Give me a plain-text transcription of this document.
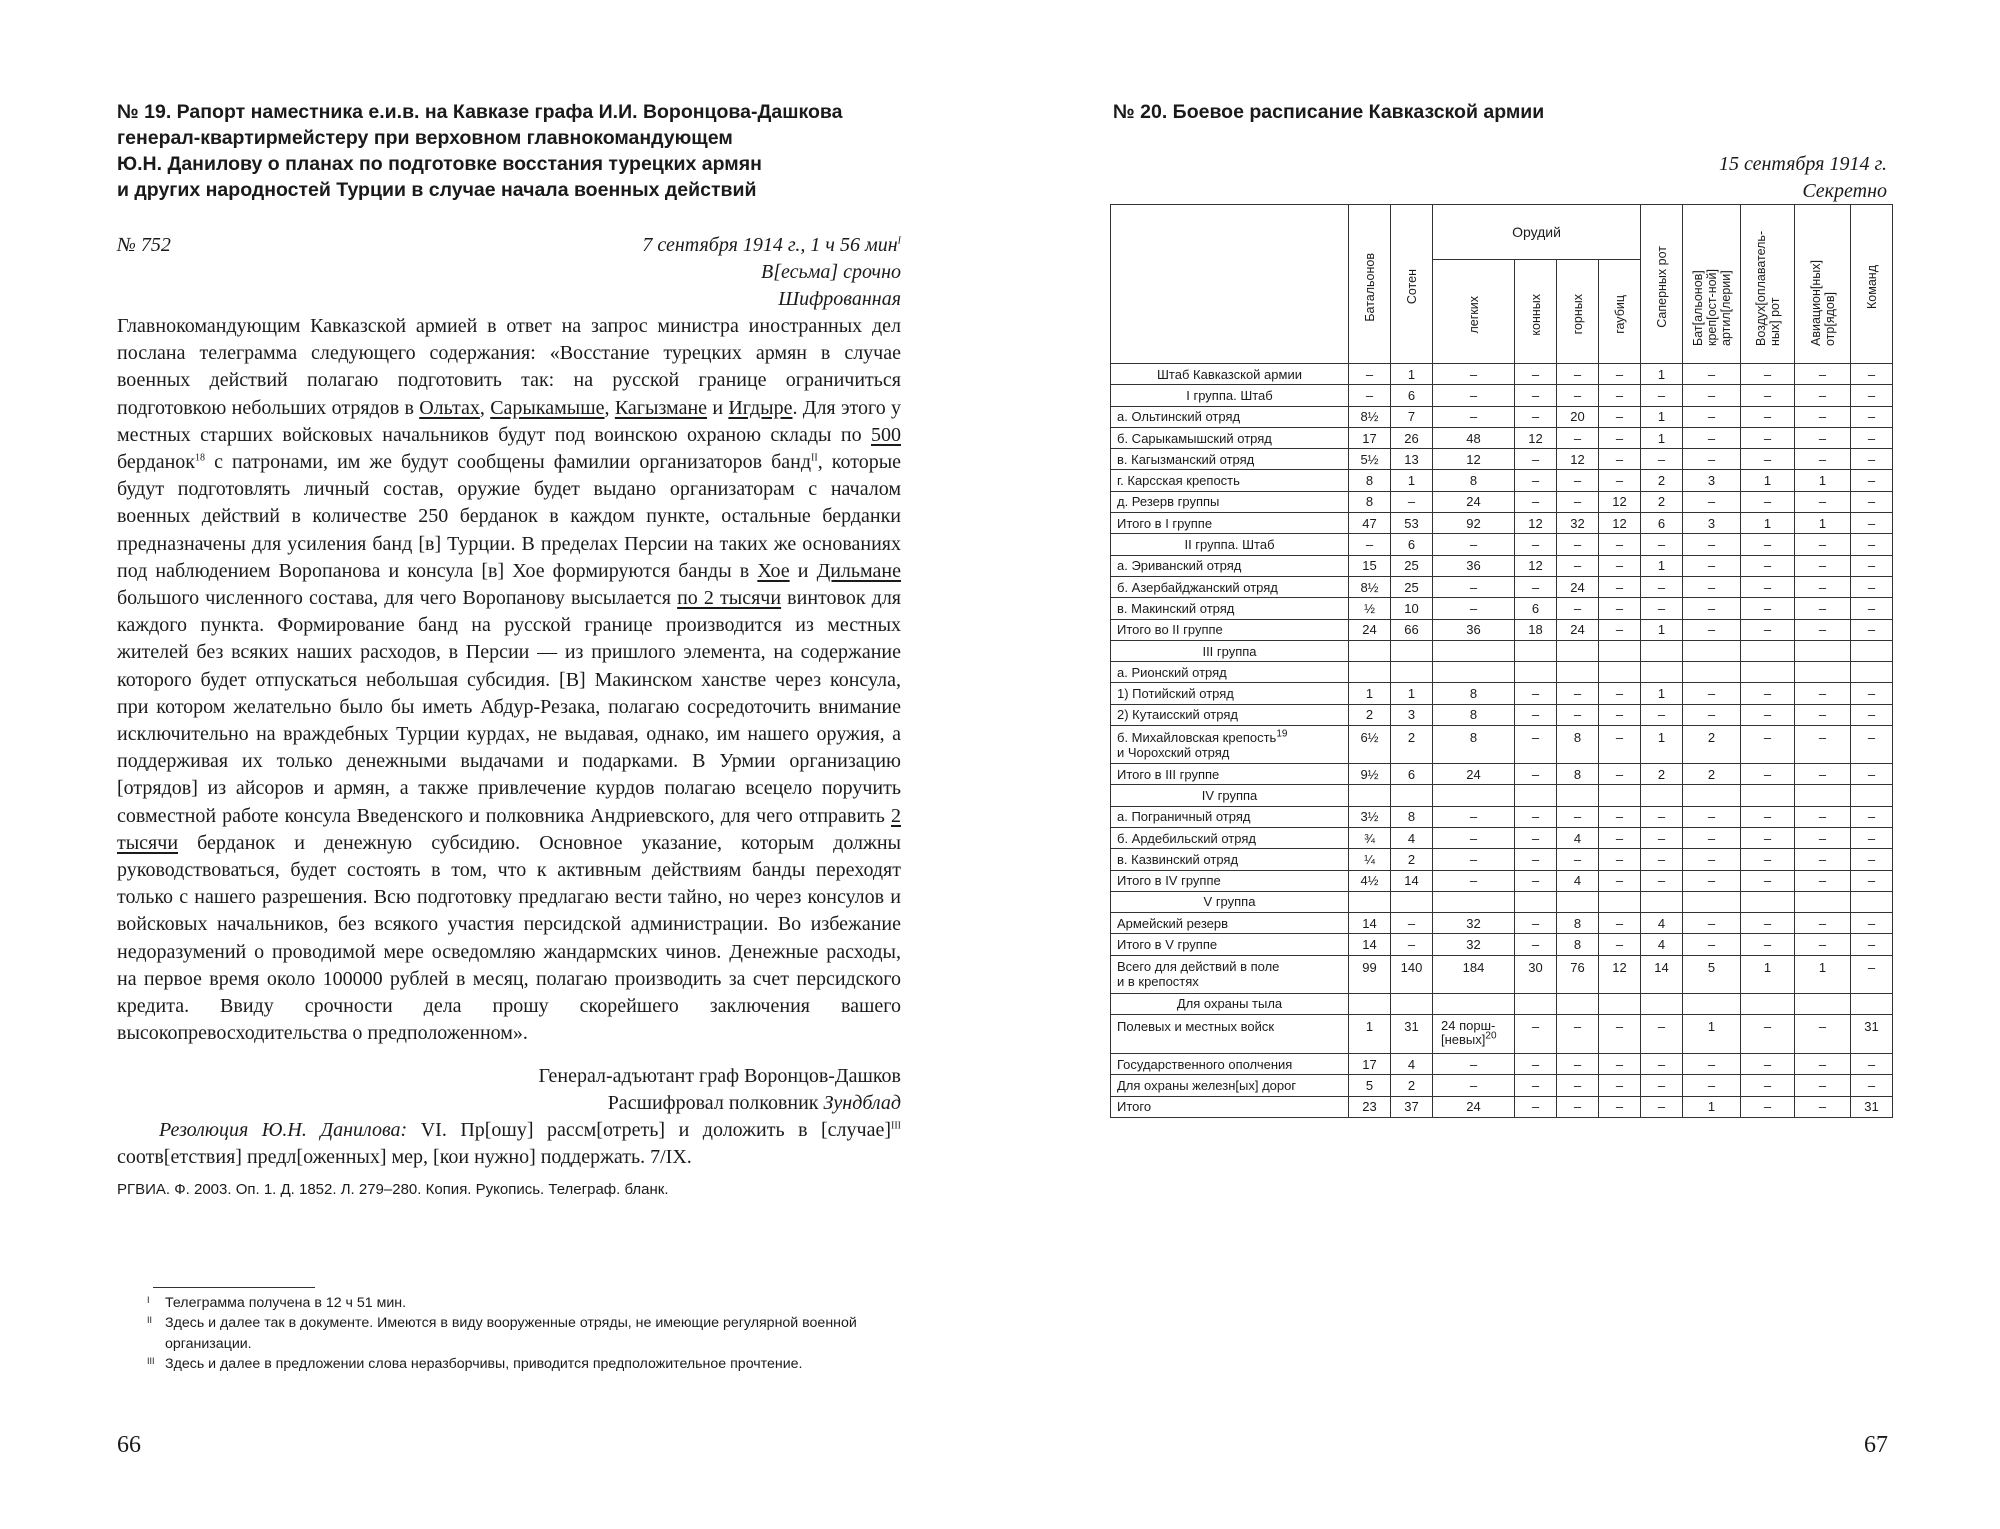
№ 19. Рапорт наместника е.и.в. на Кавказе графа И.И. Воронцова-Дашкова
генерал-квартирмейстеру при верховном главнокомандующем
Ю.Н. Данилову о планах по подготовке восстания турецких армян
и других народностей Турции в случае начала военных действий
№ 752	7 сентября 1914 г., 1 ч 56 мин$^I$
В[есьма] срочно
Шифрованная

Главнокомандующим Кавказской армией в ответ на запрос министра иностранных дел послана телеграмма следующего содержания: «Восстание турецких армян в случае военных действий полагаю подготовить так: на русской границе ограничиться подготовкою небольших отрядов в Ольтах, Сарыкамыше, Кагызмане и Игдыре. Для этого у местных старших войсковых начальников будут под воинскою охраною склады по 500 берданок$^{18}$ с патронами, им же будут сообщены фамилии организаторов банд$^{II}$, которые будут подготовлять личный состав, оружие будет выдано организаторам с началом военных действий в количестве 250 берданок в каждом пункте, остальные берданки предназначены для усиления банд [в] Турции. В пределах Персии на таких же основаниях под наблюдением Воропанова и консула [в] Хое формируются банды в Хое и Дильмане большого численного состава, для чего Воропанову высылается по 2 тысячи винтовок для каждого пункта. Формирование банд на русской границе производится из местных жителей без всяких наших расходов, в Персии — из пришлого элемента, на содержание которого будет отпускаться небольшая субсидия. [В] Макинском ханстве через консула, при котором желательно было бы иметь Абдур-Резака, полагаю сосредоточить внимание исключительно на враждебных Турции курдах, не выдавая, однако, им нашего оружия, а поддерживая их только денежными выдачами и подарками. В Урмии организацию [отрядов] из айсоров и армян, а также привлечение курдов полагаю всецело поручить совместной работе консула Введенского и полковника Андриевского, для чего отправить 2 тысячи берданок и денежную субсидию. Основное указание, которым должны руководствоваться, будет состоять в том, что к активным действиям банды переходят только с нашего разрешения. Всю подготовку предлагаю вести тайно, но через консулов и войсковых начальников, без всякого участия персидской администрации. Во избежание недоразумений о проводимой мере осведомляю жандармских чинов. Денежные расходы, на первое время около 100000 рублей в месяц, полагаю производить за счет персидского кредита. Ввиду срочности дела прошу скорейшего заключения вашего высокопревосходительства о предположенном».

Генерал-адъютант граф Воронцов-Дашков
Расшифровал полковник Зундблад
Резолюция Ю.Н. Данилова: VI. Пр[ошу] рассм[отреть] и доложить в [случае]$^{III}$ соотв[етствия] предл[оженных] мер, [кои нужно] поддержать. 7/IX.
РГВИА. Ф. 2003. Оп. 1. Д. 1852. Л. 279–280. Копия. Рукопись. Телеграф. бланк.
I Телеграмма получена в 12 ч 51 мин.
II Здесь и далее так в документе. Имеются в виду вооруженные отряды, не имеющие регулярной военной организации.
III Здесь и далее в предложении слова неразборчивы, приводится предположительное прочтение.
66
№ 20. Боевое расписание Кавказской армии
15 сентября 1914 г.
Секретно

	Батальонов	Сотен	Орудий				Саперных рот	Бат[альонов] креп[ост-ной] артил[лерии]	Воздух[оплаватель-ных] рот	Авиацион[ных] отр[ядов]	Команд

			легких	конных	горных	гаубиц					

Штаб Кавказской армии	–	1	–	–	–	–	1	–	–	–	–
I группа. Штаб	–	6	–	–	–	–	–	–	–	–	–
а. Ольтинский отряд	8½	7	–	–	20	–	1	–	–	–	–
б. Сарыкамышский отряд	17	26	48	12	–	–	1	–	–	–	–
в. Кагызманский отряд	5½	13	12	–	12	–	–	–	–	–	–
г. Карсская крепость	8	1	8	–	–	–	2	3	1	1	–
д. Резерв группы	8	–	24	–	–	12	2	–	–	–	–
Итого в I группе	47	53	92	12	32	12	6	3	1	1	–
II группа. Штаб	–	6	–	–	–	–	–	–	–	–	–
а. Эриванский отряд	15	25	36	12	–	–	1	–	–	–	–
б. Азербайджанский отряд	8½	25	–	–	24	–	–	–	–	–	–
в. Макинский отряд	½	10	–	6	–	–	–	–	–	–	–
Итого во II группе	24	66	36	18	24	–	1	–	–	–	–
III группа											
а. Рионский отряд											
1) Потийский отряд	1	1	8	–	–	–	1	–	–	–	–
2) Кутаисский отряд	2	3	8	–	–	–	–	–	–	–	–
б. Михайловская крепость$^{19}$
и Чорохский отряд	6½	2	8	–	8	–	1	2	–	–	–
Итого в III группе	9½	6	24	–	8	–	2	2	–	–	–
IV группа											
а. Пограничный отряд	3½	8	–	–	–	–	–	–	–	–	–
б. Ардебильский отряд	¾	4	–	–	4	–	–	–	–	–	–
в. Казвинский отряд	¼	2	–	–	–	–	–	–	–	–	–
Итого в IV группе	4½	14	–	–	4	–	–	–	–	–	–
V группа											
Армейский резерв	14	–	32	–	8	–	4	–	–	–	–
Итого в V группе	14	–	32	–	8	–	4	–	–	–	–
Всего для действий в поле
и в крепостях	99	140	184	30	76	12	14	5	1	1	–
Для охраны тыла											
Полевых и местных войск	1	31	24 порш-
[невых]$^{20}$	–	–	–	–	1	–	–	31
Государственного ополчения	17	4	–	–	–	–	–	–	–	–	–
Для охраны железн[ых] дорог	5	2	–	–	–	–	–	–	–	–	–
Итого	23	37	24	–	–	–	–	1	–	–	31
67
